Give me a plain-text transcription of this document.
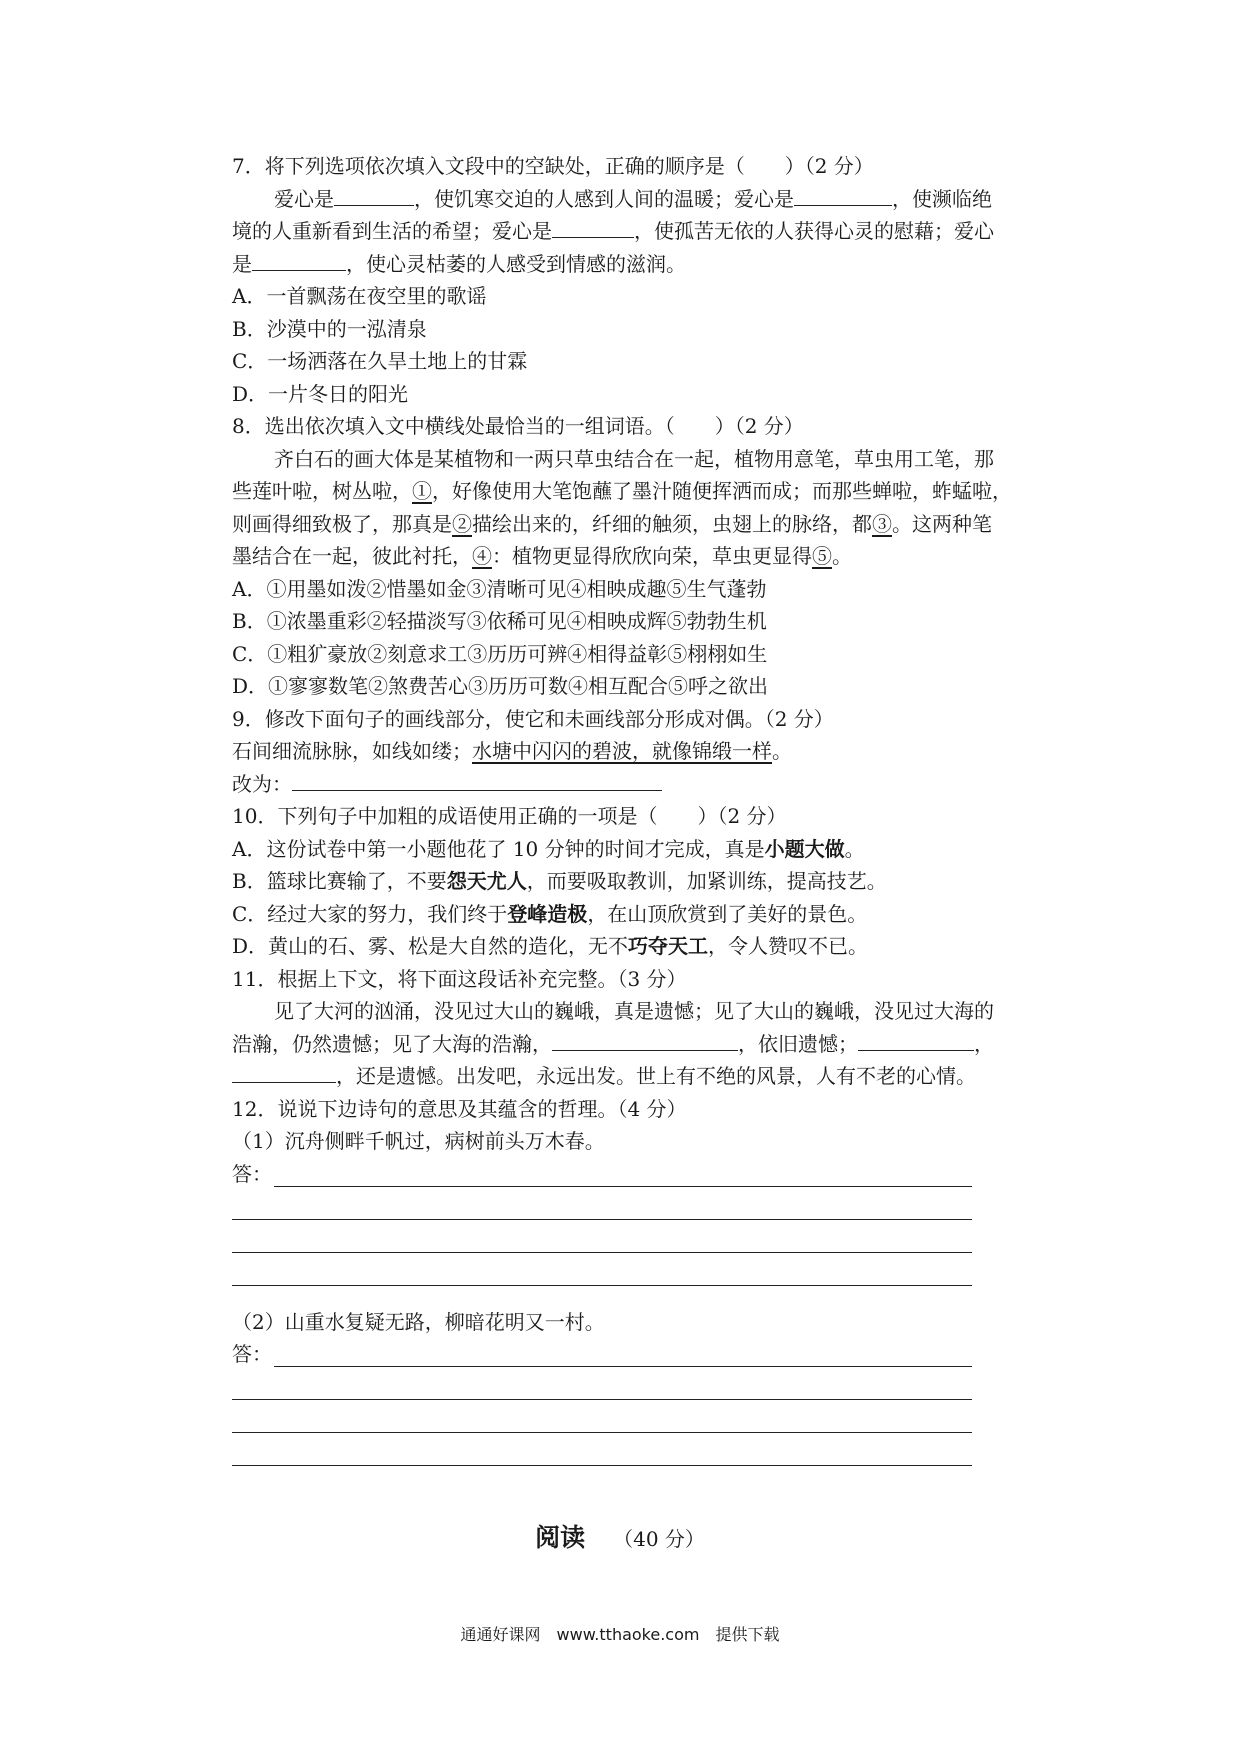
7．将下列选项依次填入文段中的空缺处，正确的顺序是（　　）（2 分）
爱心是	，使饥寒交迫的人感到人间的温暖；爱心是	，使濒临绝
境的人重新看到生活的希望；爱心是	，使孤苦无依的人获得心灵的慰藉；爱心
是	，使心灵枯萎的人感受到情感的滋润。
A．一首飘荡在夜空里的歌谣
B．沙漠中的一泓清泉
C．一场洒落在久旱土地上的甘霖
D．一片冬日的阳光
8．选出依次填入文中横线处最恰当的一组词语。（　　）（2 分）
齐白石的画大体是某植物和一两只草虫结合在一起，植物用意笔，草虫用工笔，那
些莲叶啦，树丛啦，①，好像使用大笔饱蘸了墨汁随便挥洒而成；而那些蝉啦，蚱蜢啦，
则画得细致极了，那真是②描绘出来的，纤细的触须，虫翅上的脉络，都③。这两种笔
墨结合在一起，彼此衬托，④：植物更显得欣欣向荣，草虫更显得⑤。
A．①用墨如泼②惜墨如金③清晰可见④相映成趣⑤生气蓬勃
B．①浓墨重彩②轻描淡写③依稀可见④相映成辉⑤勃勃生机
C．①粗犷豪放②刻意求工③历历可辨④相得益彰⑤栩栩如生
D．①寥寥数笔②煞费苦心③历历可数④相互配合⑤呼之欲出
9．修改下面句子的画线部分，使它和未画线部分形成对偶。（2 分）
石间细流脉脉，如线如缕；水塘中闪闪的碧波，就像锦缎一样。
改为：
10．下列句子中加粗的成语使用正确的一项是（　　）（2 分）
A．这份试卷中第一小题他花了 10 分钟的时间才完成，真是小题大做。
B．篮球比赛输了，不要怨天尤人，而要吸取教训，加紧训练，提高技艺。
C．经过大家的努力，我们终于登峰造极，在山顶欣赏到了美好的景色。
D．黄山的石、雾、松是大自然的造化，无不巧夺天工，令人赞叹不已。
11．根据上下文，将下面这段话补充完整。（3 分）
见了大河的汹涌，没见过大山的巍峨，真是遗憾；见了大山的巍峨，没见过大海的
浩瀚，仍然遗憾；见了大海的浩瀚，	，依旧遗憾；	，
，还是遗憾。出发吧，永远出发。世上有不绝的风景，人有不老的心情。
12．说说下边诗句的意思及其蕴含的哲理。（4 分）
（1）沉舟侧畔千帆过，病树前头万木春。
答：
（2）山重水复疑无路，柳暗花明又一村。
答：
阅读 （40 分）
通通好课网　www.tthaoke.com　提供下载
